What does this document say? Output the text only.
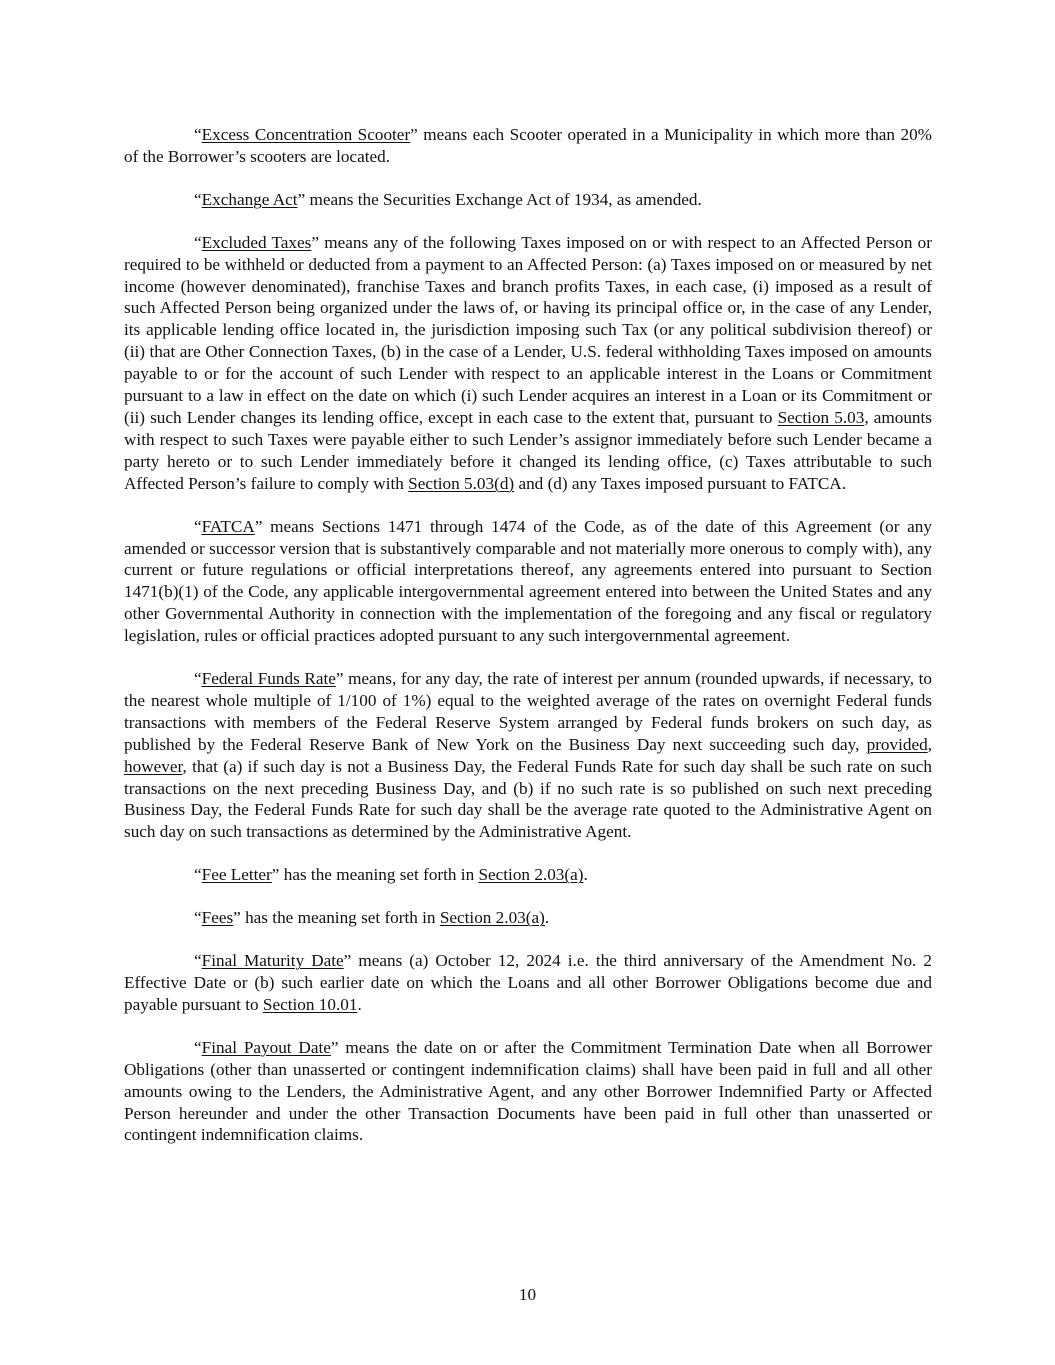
“Excess Concentration Scooter” means each Scooter operated in a Municipality in which more than 20% of the Borrower’s scooters are located.

“Exchange Act” means the Securities Exchange Act of 1934, as amended.

“Excluded Taxes” means any of the following Taxes imposed on or with respect to an Affected Person or required to be withheld or deducted from a payment to an Affected Person: (a) Taxes imposed on or measured by net income (however denominated), franchise Taxes and branch profits Taxes, in each case, (i) imposed as a result of such Affected Person being organized under the laws of, or having its principal office or, in the case of any Lender, its applicable lending office located in, the jurisdiction imposing such Tax (or any political subdivision thereof) or (ii) that are Other Connection Taxes, (b) in the case of a Lender, U.S. federal withholding Taxes imposed on amounts payable to or for the account of such Lender with respect to an applicable interest in the Loans or Commitment pursuant to a law in effect on the date on which (i) such Lender acquires an interest in a Loan or its Commitment or (ii) such Lender changes its lending office, except in each case to the extent that, pursuant to Section 5.03, amounts with respect to such Taxes were payable either to such Lender’s assignor immediately before such Lender became a party hereto or to such Lender immediately before it changed its lending office, (c) Taxes attributable to such Affected Person’s failure to comply with Section 5.03(d) and (d) any Taxes imposed pursuant to FATCA.

“FATCA” means Sections 1471 through 1474 of the Code, as of the date of this Agreement (or any amended or successor version that is substantively comparable and not materially more onerous to comply with), any current or future regulations or official interpretations thereof, any agreements entered into pursuant to Section 1471(b)(1) of the Code, any applicable intergovernmental agreement entered into between the United States and any other Governmental Authority in connection with the implementation of the foregoing and any fiscal or regulatory legislation, rules or official practices adopted pursuant to any such intergovernmental agreement.

“Federal Funds Rate” means, for any day, the rate of interest per annum (rounded upwards, if necessary, to the nearest whole multiple of 1/100 of 1%) equal to the weighted average of the rates on overnight Federal funds transactions with members of the Federal Reserve System arranged by Federal funds brokers on such day, as published by the Federal Reserve Bank of New York on the Business Day next succeeding such day, provided, however, that (a) if such day is not a Business Day, the Federal Funds Rate for such day shall be such rate on such transactions on the next preceding Business Day, and (b) if no such rate is so published on such next preceding Business Day, the Federal Funds Rate for such day shall be the average rate quoted to the Administrative Agent on such day on such transactions as determined by the Administrative Agent.

“Fee Letter” has the meaning set forth in Section 2.03(a).

“Fees” has the meaning set forth in Section 2.03(a).

“Final Maturity Date” means (a) October 12, 2024 i.e. the third anniversary of the Amendment No. 2 Effective Date or (b) such earlier date on which the Loans and all other Borrower Obligations become due and payable pursuant to Section 10.01.

“Final Payout Date” means the date on or after the Commitment Termination Date when all Borrower Obligations (other than unasserted or contingent indemnification claims) shall have been paid in full and all other amounts owing to the Lenders, the Administrative Agent, and any other Borrower Indemnified Party or Affected Person hereunder and under the other Transaction Documents have been paid in full other than unasserted or contingent indemnification claims.

10
